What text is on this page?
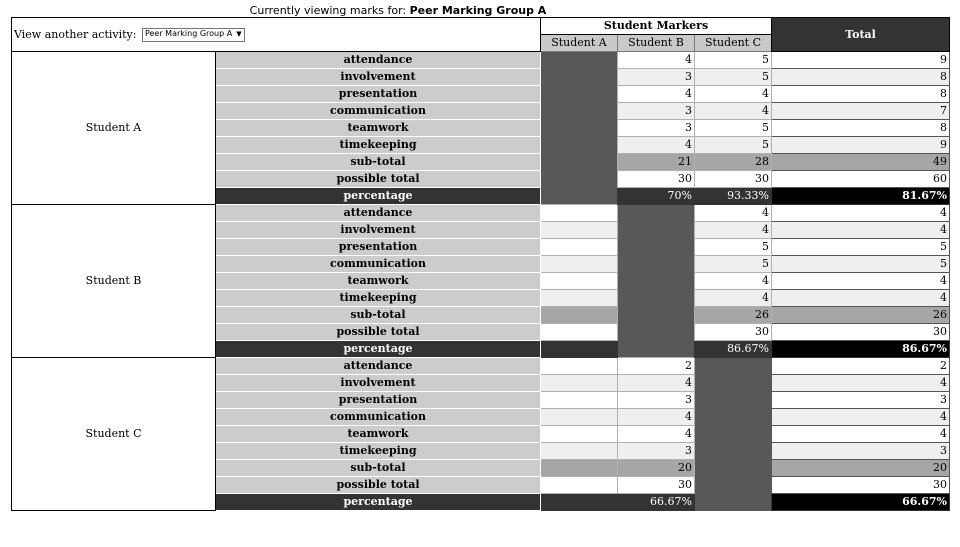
Currently viewing marks for: Peer Marking Group A
View another activity: Peer Marking Group A ▼		Student Markers			Total
		Student A	Student B	Student C	
Student A	attendance		4	5	9
	involvement		3	5	8
	presentation		4	4	8
	communication		3	4	7
	teamwork		3	5	8
	timekeeping		4	5	9
	sub-total		21	28	49
	possible total		30	30	60
	percentage		70%	93.33%	81.67%
Student B	attendance			4	4
	involvement			4	4
	presentation			5	5
	communication			5	5
	teamwork			4	4
	timekeeping			4	4
	sub-total			26	26
	possible total			30	30
	percentage			86.67%	86.67%
Student C	attendance		2		2
	involvement		4		4
	presentation		3		3
	communication		4		4
	teamwork		4		4
	timekeeping		3		3
	sub-total		20		20
	possible total		30		30
	percentage		66.67%		66.67%
